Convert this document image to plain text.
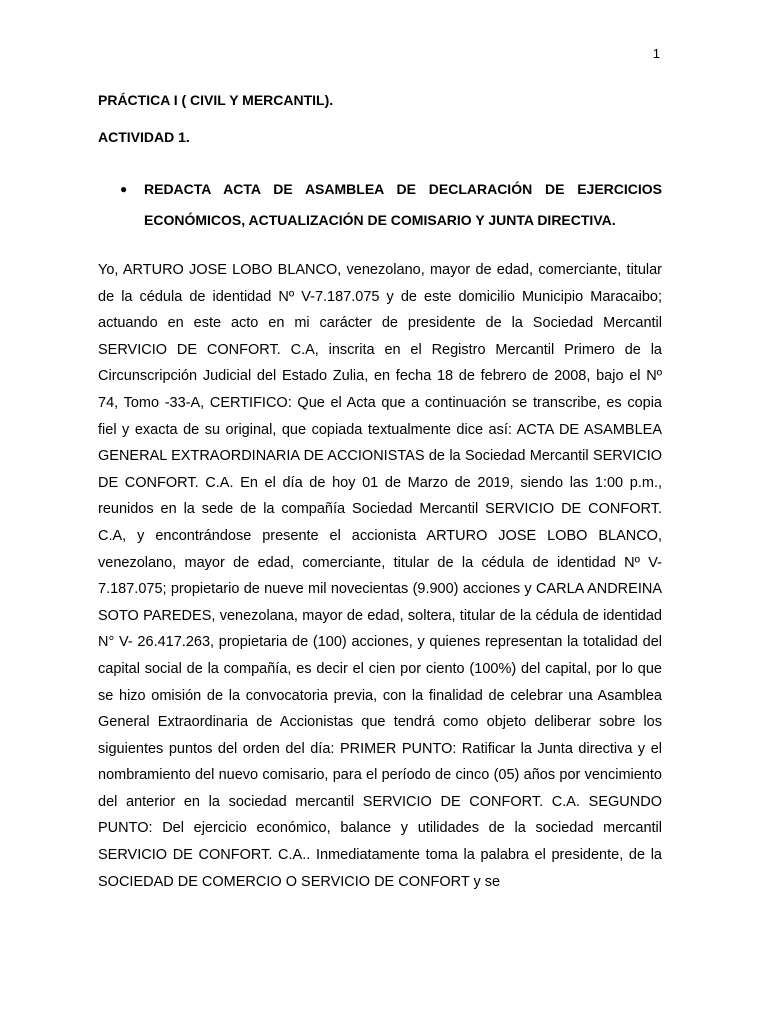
1
PRÁCTICA I ( CIVIL Y MERCANTIL).
ACTIVIDAD 1.
● REDACTA ACTA DE ASAMBLEA DE DECLARACIÓN DE EJERCICIOS ECONÓMICOS, ACTUALIZACIÓN DE COMISARIO Y JUNTA DIRECTIVA.
Yo, ARTURO JOSE LOBO BLANCO, venezolano, mayor de edad, comerciante, titular de la cédula de identidad Nº V-7.187.075 y de este domicilio Municipio Maracaibo; actuando en este acto en mi carácter de presidente de la Sociedad Mercantil SERVICIO DE CONFORT. C.A, inscrita en el Registro Mercantil Primero de la Circunscripción Judicial del Estado Zulia, en fecha 18 de febrero de 2008, bajo el Nº 74, Tomo -33-A, CERTIFICO: Que el Acta que a continuación se transcribe, es copia fiel y exacta de su original, que copiada textualmente dice así: ACTA DE ASAMBLEA GENERAL EXTRAORDINARIA DE ACCIONISTAS de la Sociedad Mercantil SERVICIO DE CONFORT. C.A. En el día de hoy 01 de Marzo de 2019, siendo las 1:00 p.m., reunidos en la sede de la compañía Sociedad Mercantil SERVICIO DE CONFORT. C.A, y encontrándose presente el accionista ARTURO JOSE LOBO BLANCO, venezolano, mayor de edad, comerciante, titular de la cédula de identidad Nº V-7.187.075; propietario de nueve mil novecientas (9.900) acciones y CARLA ANDREINA SOTO PAREDES, venezolana, mayor de edad, soltera, titular de la cédula de identidad N° V- 26.417.263, propietaria de (100) acciones, y quienes representan la totalidad del capital social de la compañía, es decir el cien por ciento (100%) del capital, por lo que se hizo omisión de la convocatoria previa, con la finalidad de celebrar una Asamblea General Extraordinaria de Accionistas que tendrá como objeto deliberar sobre los siguientes puntos del orden del día: PRIMER PUNTO: Ratificar la Junta directiva y el nombramiento del nuevo comisario, para el período de cinco (05) años por vencimiento del anterior en la sociedad mercantil SERVICIO DE CONFORT. C.A. SEGUNDO PUNTO: Del ejercicio económico, balance y utilidades de la sociedad mercantil SERVICIO DE CONFORT. C.A.. Inmediatamente toma la palabra el presidente, de la SOCIEDAD DE COMERCIO O SERVICIO DE CONFORT y se
